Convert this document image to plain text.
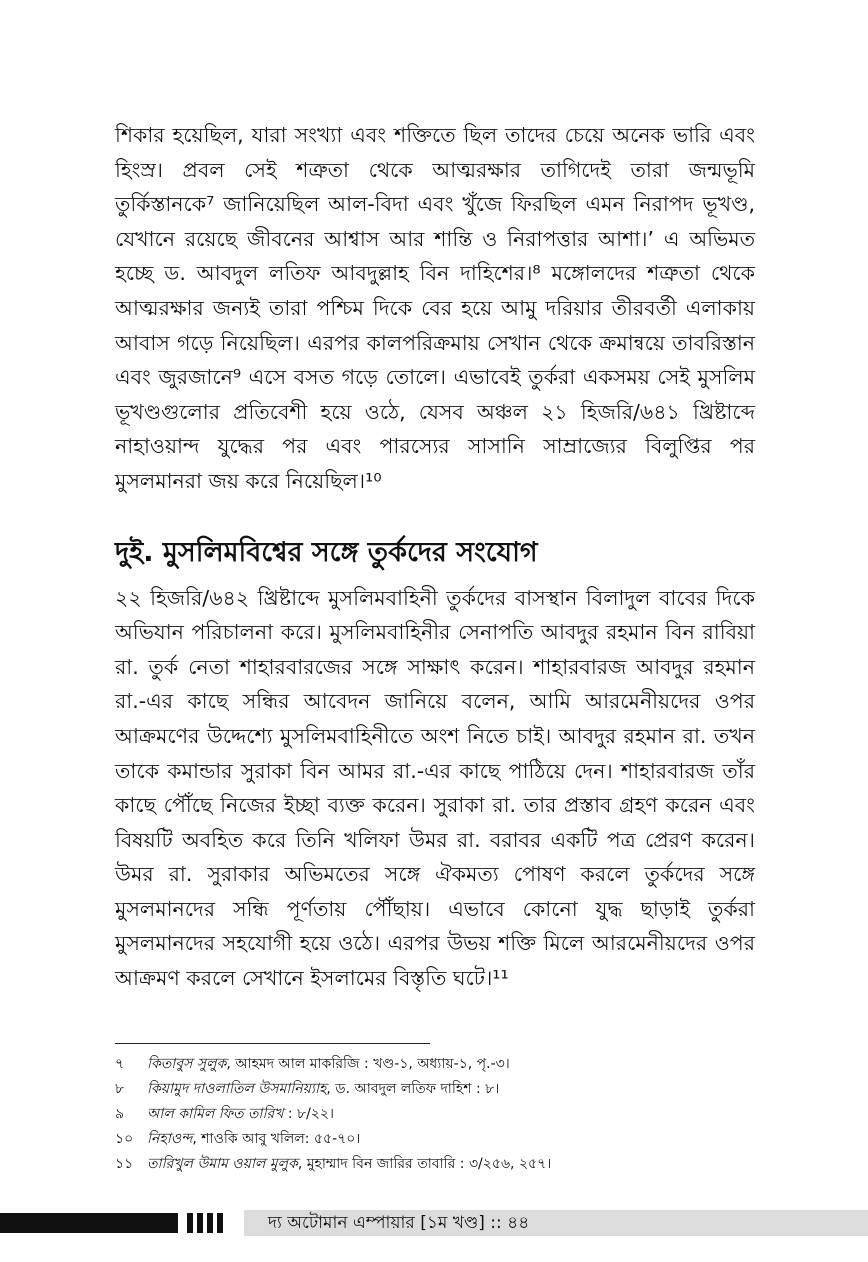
শিকার হয়েছিল, যারা সংখ্যা এবং শক্তিতে ছিল তাদের চেয়ে অনেক ভারি এবং হিংস্র। প্রবল সেই শত্রুতা থেকে আত্মরক্ষার তাগিদেই তারা জন্মভূমি তুর্কিস্তানকে⁷ জানিয়েছিল আল-বিদা এবং খুঁজে ফিরছিল এমন নিরাপদ ভূখণ্ড, যেখানে রয়েছে জীবনের আশ্বাস আর শান্তি ও নিরাপত্তার আশা।’ এ অভিমত হচ্ছে ড. আবদুল লতিফ আবদুল্লাহ বিন দাহিশের।⁸ মঙ্গোলদের শত্রুতা থেকে আত্মরক্ষার জন্যই তারা পশ্চিম দিকে বের হয়ে আমু দরিয়ার তীরবর্তী এলাকায় আবাস গড়ে নিয়েছিল। এরপর কালপরিক্রমায় সেখান থেকে ক্রমান্বয়ে তাবরিস্তান এবং জুরজানে⁹ এসে বসত গড়ে তোলে। এভাবেই তুর্করা একসময় সেই মুসলিম ভূখণ্ডগুলোর প্রতিবেশী হয়ে ওঠে, যেসব অঞ্চল ২১ হিজরি/৬৪১ খ্রিষ্টাব্দে নাহাওয়ান্দ যুদ্ধের পর এবং পারস্যের সাসানি সাম্রাজ্যের বিলুপ্তির পর মুসলমানরা জয় করে নিয়েছিল।¹⁰

দুই. মুসলিমবিশ্বের সঙ্গে তুর্কদের সংযোগ

২২ হিজরি/৬৪২ খ্রিষ্টাব্দে মুসলিমবাহিনী তুর্কদের বাসস্থান বিলাদুল বাবের দিকে অভিযান পরিচালনা করে। মুসলিমবাহিনীর সেনাপতি আবদুর রহমান বিন রাবিয়া রা. তুর্ক নেতা শাহারবারজের সঙ্গে সাক্ষাৎ করেন। শাহারবারজ আবদুর রহমান রা.-এর কাছে সন্ধির আবেদন জানিয়ে বলেন, আমি আরমেনীয়দের ওপর আক্রমণের উদ্দেশ্যে মুসলিমবাহিনীতে অংশ নিতে চাই। আবদুর রহমান রা. তখন তাকে কমান্ডার সুরাকা বিন আমর রা.-এর কাছে পাঠিয়ে দেন। শাহারবারজ তাঁর কাছে পৌঁছে নিজের ইচ্ছা ব্যক্ত করেন। সুরাকা রা. তার প্রস্তাব গ্রহণ করেন এবং বিষয়টি অবহিত করে তিনি খলিফা উমর রা. বরাবর একটি পত্র প্রেরণ করেন। উমর রা. সুরাকার অভিমতের সঙ্গে ঐকমত্য পোষণ করলে তুর্কদের সঙ্গে মুসলমানদের সন্ধি পূর্ণতায় পৌঁছায়। এভাবে কোনো যুদ্ধ ছাড়াই তুর্করা মুসলমানদের সহযোগী হয়ে ওঠে। এরপর উভয় শক্তি মিলে আরমেনীয়দের ওপর আক্রমণ করলে সেখানে ইসলামের বিস্তৃতি ঘটে।¹¹

৭	কিতাবুস সুলুক, আহমদ আল মাকরিজি : খণ্ড-১, অধ্যায়-১, পৃ.-৩।
৮	কিয়ামুদ দাওলাতিল উসমানিয়্যাহ, ড. আবদুল লতিফ দাহিশ : ৮।
৯	আল কামিল ফিত তারিখ : ৮/২২।
১০ নিহাওন্দ, শাওকি আবু খলিল: ৫৫-৭০।
১১ তারিখুল উমাম ওয়াল মুলুক, মুহাম্মাদ বিন জারির তাবারি : ৩/২৫৬, ২৫৭।
দ্য অটোমান এম্পায়ার [১ম খণ্ড] :: ৪৪
